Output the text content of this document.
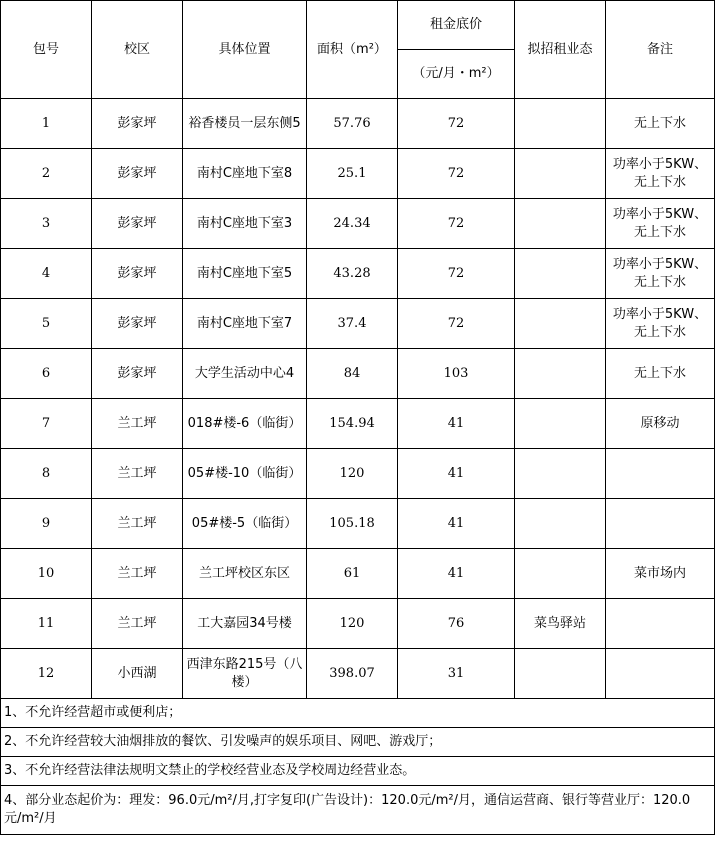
包号	校区	具体位置	面积（m²）	租金底价	拟招租业态	备注
				（元/月・m²）		
1	彭家坪	裕香楼员一层东侧5	57.76	72		无上下水
2	彭家坪	南村C座地下室8	25.1	72		功率小于5KW、无上下水
3	彭家坪	南村C座地下室3	24.34	72		功率小于5KW、无上下水
4	彭家坪	南村C座地下室5	43.28	72		功率小于5KW、无上下水
5	彭家坪	南村C座地下室7	37.4	72		功率小于5KW、无上下水
6	彭家坪	大学生活动中心4	84	103		无上下水
7	兰工坪	018#楼-6（临街）	154.94	41		原移动
8	兰工坪	05#楼-10（临街）	120	41		
9	兰工坪	05#楼-5（临街）	105.18	41		
10	兰工坪	兰工坪校区东区	61	41		菜市场内
11	兰工坪	工大嘉园34号楼	120	76	菜鸟驿站	
12	小西湖	西津东路215号（八楼）	398.07	31		
1、不允许经营超市或便利店；						
2、不允许经营较大油烟排放的餐饮、引发噪声的娱乐项目、网吧、游戏厅；						
3、不允许经营法律法规明文禁止的学校经营业态及学校周边经营业态。						
4、部分业态起价为：理发：96.0元/m²/月,打字复印(广告设计)：120.0元/m²/月，通信运营商、银行等营业厅：120.0元/m²/月						
